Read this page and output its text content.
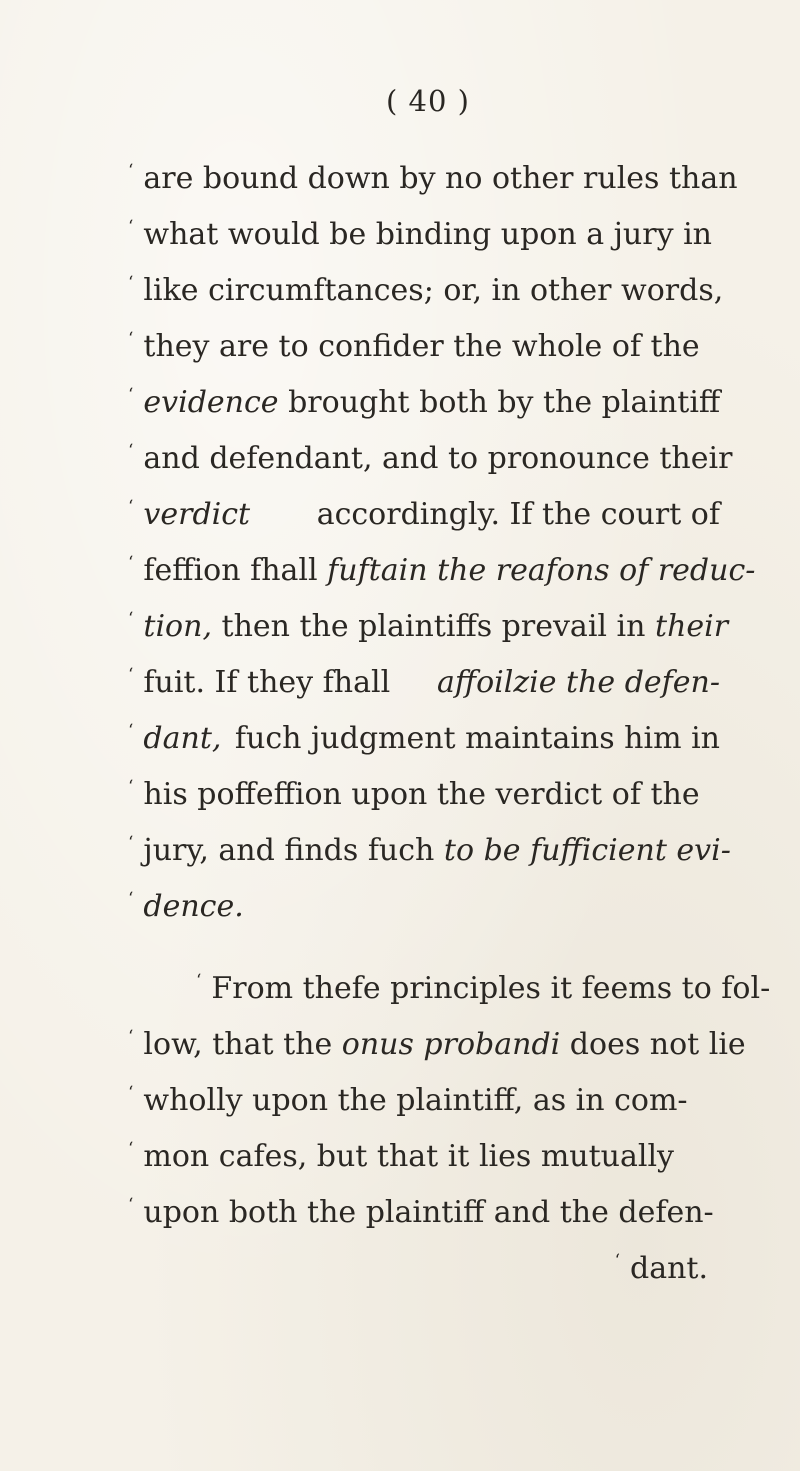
( 40 )
‘ are bound down by no other rules than
‘ what would be binding upon a jury in
‘ like circumftances; or, in other words,
‘ they are to confider the whole of the
‘ evidence
brought both by the plaintiff
‘ and defendant, and to pronounce their
‘ verdict
accordingly. If the court of
‘ feffion fhall
fuftain the reafons of reduc-
‘ tion,
then the plaintiffs prevail in
their
‘ fuit. If they fhall
affoilzie the defen-
‘ dant,
fuch judgment maintains him in
‘ his poffeffion upon the verdict of the
‘ jury, and finds fuch
to be fufficient evi-
‘ dence.
‘ From thefe principles it feems to fol-
‘ low, that the
onus probandi
does not lie
‘ wholly upon the plaintiff, as in com-
‘ mon cafes, but that it lies mutually
‘ upon both the plaintiff and the defen-
‘ dant.
